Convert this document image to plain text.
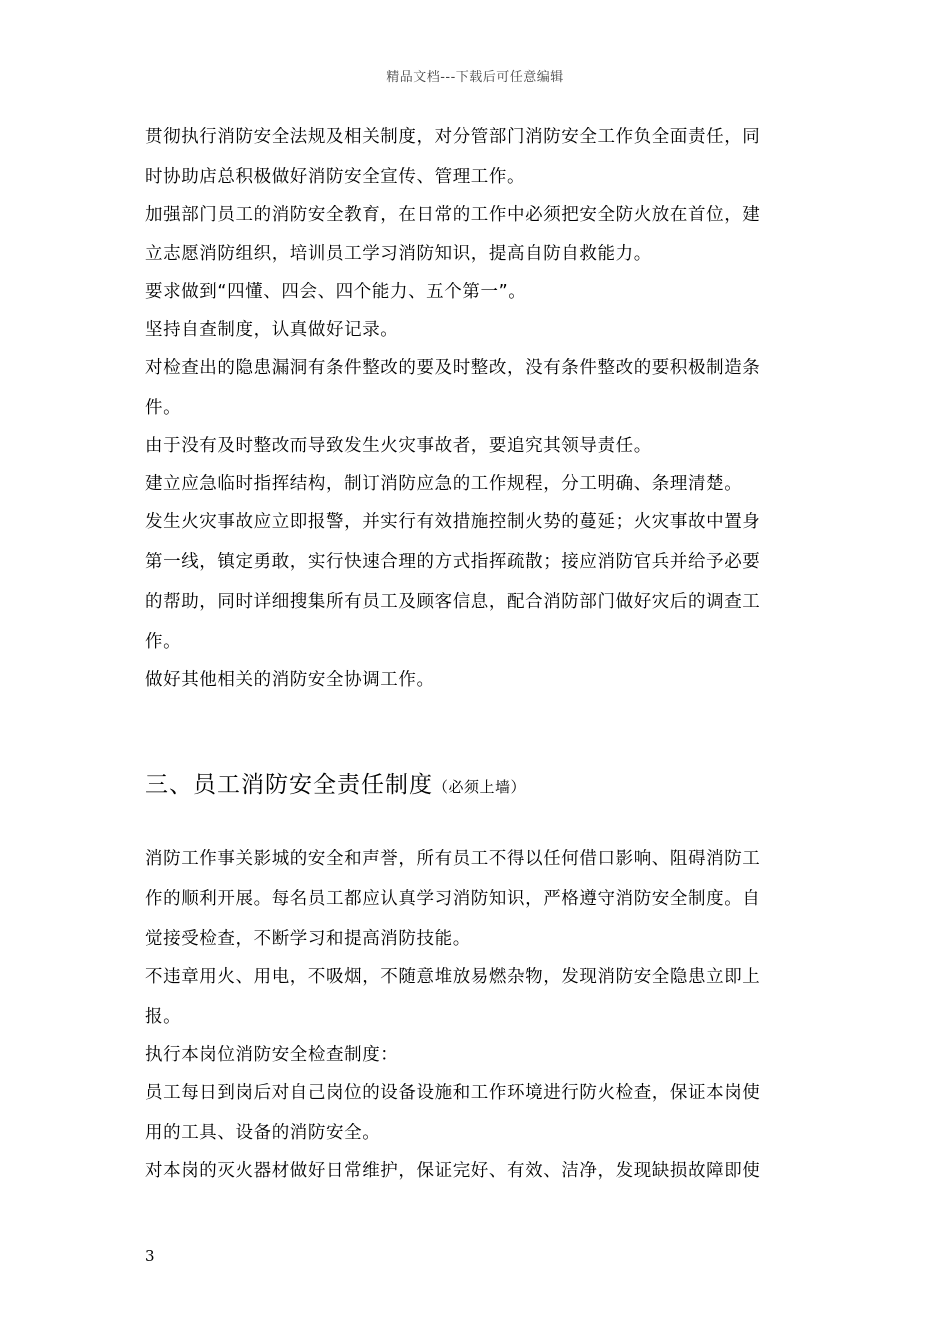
精品文档---下载后可任意编辑

贯彻执行消防安全法规及相关制度，对分管部门消防安全工作负全面责任，同
时协助店总积极做好消防安全宣传、管理工作。

加强部门员工的消防安全教育，在日常的工作中必须把安全防火放在首位，建
立志愿消防组织，培训员工学习消防知识，提高自防自救能力。

要求做到“四懂、四会、四个能力、五个第一”。

坚持自查制度，认真做好记录。

对检查出的隐患漏洞有条件整改的要及时整改，没有条件整改的要积极制造条
件。

由于没有及时整改而导致发生火灾事故者，要追究其领导责任。

建立应急临时指挥结构，制订消防应急的工作规程，分工明确、条理清楚。

发生火灾事故应立即报警，并实行有效措施控制火势的蔓延；火灾事故中置身
第一线，镇定勇敢，实行快速合理的方式指挥疏散；接应消防官兵并给予必要
的帮助，同时详细搜集所有员工及顾客信息，配合消防部门做好灾后的调查工
作。

做好其他相关的消防安全协调工作。

三、员工消防安全责任制度（必须上墙）

消防工作事关影城的安全和声誉，所有员工不得以任何借口影响、阻碍消防工
作的顺利开展。每名员工都应认真学习消防知识，严格遵守消防安全制度。自
觉接受检查，不断学习和提高消防技能。

不违章用火、用电，不吸烟，不随意堆放易燃杂物，发现消防安全隐患立即上
报。

执行本岗位消防安全检查制度：

员工每日到岗后对自己岗位的设备设施和工作环境进行防火检查，保证本岗使
用的工具、设备的消防安全。

对本岗的灭火器材做好日常维护，保证完好、有效、洁净，发现缺损故障即使

3
